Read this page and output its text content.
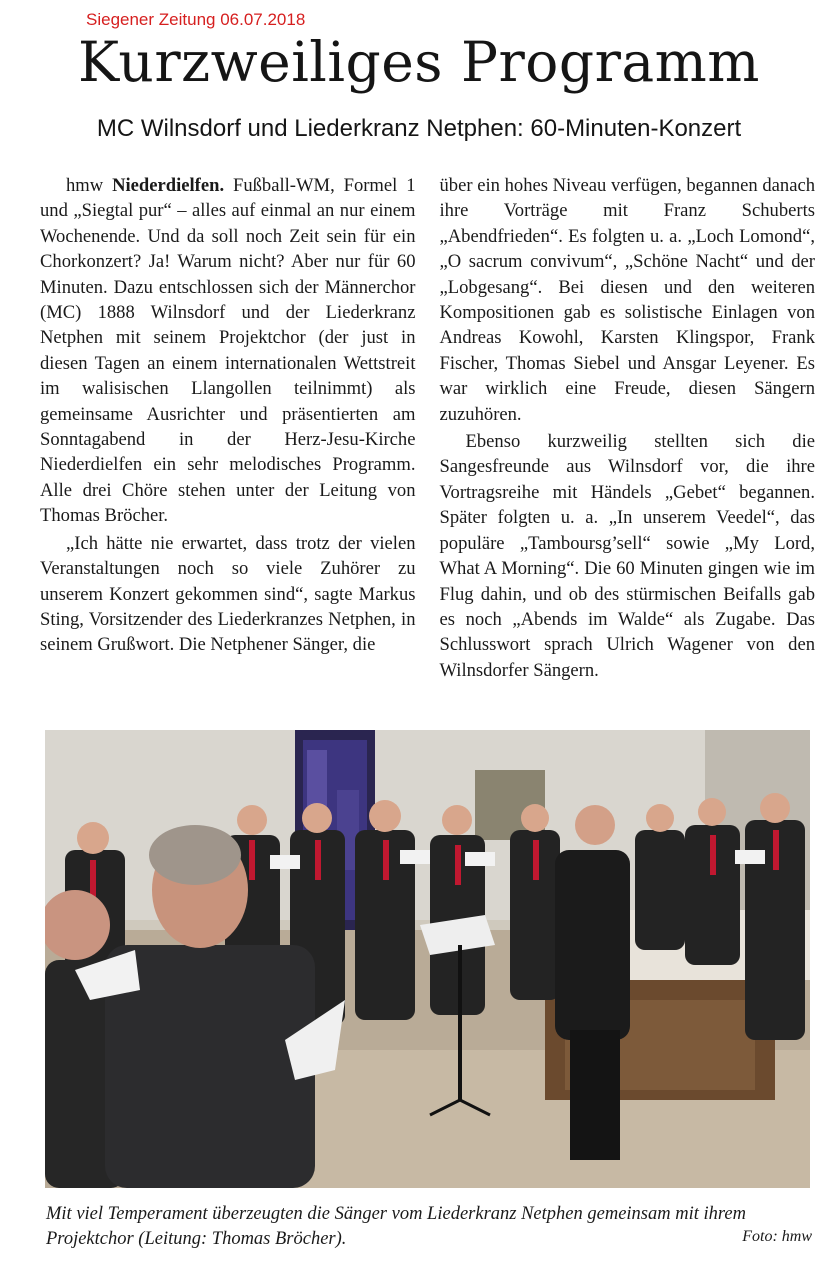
Siegener Zeitung 06.07.2018
Kurzweiliges Programm
MC Wilnsdorf und Liederkranz Netphen: 60-Minuten-Konzert

hmw Niederdielfen. Fußball-WM, Formel 1 und „Siegtal pur“ – alles auf einmal an nur einem Wochenende. Und da soll noch Zeit sein für ein Chorkonzert? Ja! Warum nicht? Aber nur für 60 Minuten. Dazu entschlossen sich der Männerchor (MC) 1888 Wilnsdorf und der Liederkranz Netphen mit seinem Projektchor (der just in diesen Tagen an einem internationalen Wettstreit im walisischen Llangollen teilnimmt) als gemeinsame Ausrichter und präsentierten am Sonntagabend in der Herz-Jesu-Kirche Niederdielfen ein sehr melodisches Programm. Alle drei Chöre stehen unter der Leitung von Thomas Bröcher.

„Ich hätte nie erwartet, dass trotz der vielen Veranstaltungen noch so viele Zuhörer zu unserem Konzert gekommen sind“, sagte Markus Sting, Vorsitzender des Liederkranzes Netphen, in seinem Grußwort. Die Netphener Sänger, die

über ein hohes Niveau verfügen, begannen danach ihre Vorträge mit Franz Schuberts „Abendfrieden“. Es folgten u. a. „Loch Lomond“, „O sacrum convivum“, „Schöne Nacht“ und der „Lobgesang“. Bei diesen und den weiteren Kompositionen gab es solistische Einlagen von Andreas Kowohl, Karsten Klingspor, Frank Fischer, Thomas Siebel und Ansgar Leyener. Es war wirklich eine Freude, diesen Sängern zuzuhören.

Ebenso kurzweilig stellten sich die Sangesfreunde aus Wilnsdorf vor, die ihre Vortragsreihe mit Händels „Gebet“ begannen. Später folgten u. a. „In unserem Veedel“, das populäre „Tamboursg’sell“ sowie „My Lord, What A Morning“. Die 60 Minuten gingen wie im Flug dahin, und ob des stürmischen Beifalls gab es noch „Abends im Walde“ als Zugabe. Das Schlusswort sprach Ulrich Wagener von den Wilnsdorfer Sängern.

Mit viel Temperament überzeugten die Sänger vom Liederkranz Netphen gemeinsam mit ihrem Projektchor (Leitung: Thomas Bröcher).	Foto: hmw
